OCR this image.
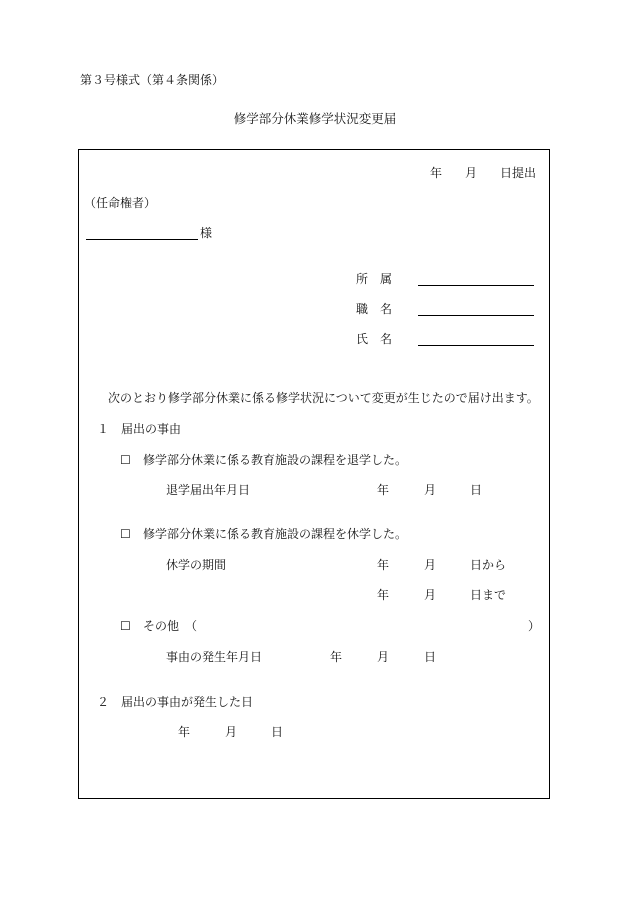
第３号様式（第４条関係）
修学部分休業修学状況変更届
年 月 日提出
（任命権者）
様
所　属
職　名
氏　名
次のとおり修学部分休業に係る修学状況について変更が生じたので届け出ます。
１　届出の事由
☐ 修学部分休業に係る教育施設の課程を退学した。
退学届出年月日	年	月	日
☐ 修学部分休業に係る教育施設の課程を休学した。
休学の期間	年	月	日から
年	月	日まで
☐ その他　（	）
事由の発生年月日	年	月	日
２　届出の事由が発生した日
年	月	日
